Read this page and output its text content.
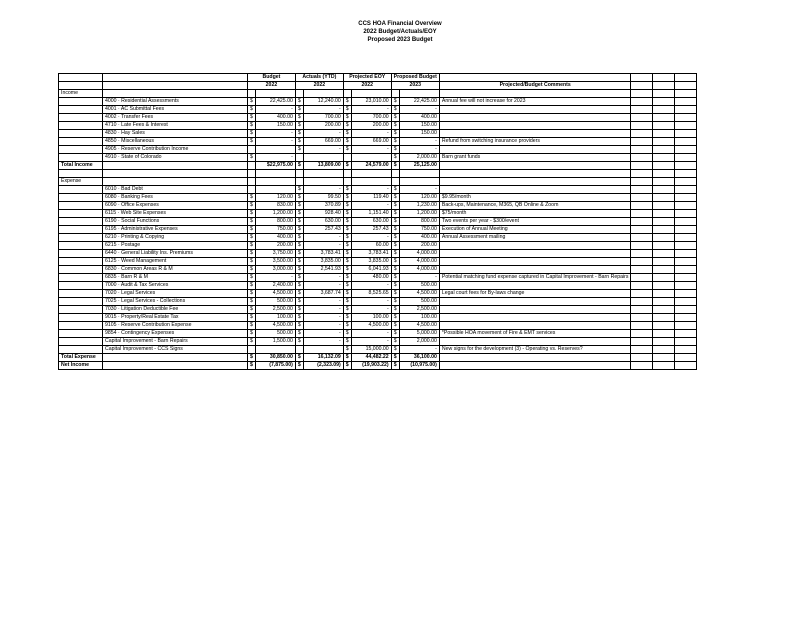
CCS HOA Financial Overview
2022 Budget/Actuals/EOY
Proposed 2023 Budget
		Budget		Actuals (YTD)		Projected EOY		Proposed Budget					
		2022		2022		2022		2023		Projected/Budget Comments			
Income													
	4000 · Residential Assessments	$	22,425.00	$	12,240.00	$	23,010.00	$	22,425.00	Annual fee will not increase for 2023			
	4001 · AC Submittal Fees	$	-	$	-	$	-	$	-				
	4002 · Transfer Fees	$	400.00	$	700.00	$	700.00	$	400.00				
	4710 · Late Fees & Interest	$	150.00	$	200.00	$	200.00	$	150.00				
	4830 · Hay Sales	$	-	$	-	$	-	$	150.00				
	4850 · Miscellaneous	$	-	$	669.00	$	669.00	$	-	Refund from switching insurance providers			
	4905 · Reserve Contribution Income			$	-	$	-	$	-				
	4910 · State of Colorado	$	-					$	2,000.00	Barn grant funds			
Total Income			$22,975.00	$	13,809.00	$	24,579.00	$	25,125.00				

Expense													
	6010 · Bad Debt			$	-	$	-	$	-				
	6080 · Banking Fees	$	120.00	$	99.50	$	119.40	$	120.00	$9.95/month			
	6090 · Office Expenses	$	830.00	$	370.89	$	-	$	1,230.00	Back-ups, Maintenance, M365, QB Online & Zoom			
	6115 · Web Site Expenses	$	1,200.00	$	928.40	$	1,151.40	$	1,200.00	$75/month			
	6190 · Social Functions	$	800.00	$	630.00	$	630.00	$	800.00	Two events per year - $300/event			
	6195 · Administrative Expenses	$	750.00	$	257.43	$	257.43	$	750.00	Execution of Annual Meeting			
	6210 · Printing & Copying	$	400.00	$	-	$	-	$	400.00	Annual Assessment mailing			
	6215 · Postage	$	200.00	$	-	$	60.00	$	200.00				
	6440 · General Liability Ins. Premiums	$	3,750.00	$	3,783.41	$	3,783.41	$	4,000.00				
	6125 · Weed Management	$	3,500.00	$	3,835.00	$	3,835.00	$	4,000.00				
	6830 · Common Areas R & M	$	3,000.00	$	2,541.93	$	6,041.93	$	4,000.00				
	6835 · Barn R & M	$	-	$	-	$	480.00	$	-	Potential matching fund expense captured in Capital Improvement - Barn Repairs			
	7000 · Audit & Tax Services	$	2,400.00	$	-	$	-	$	500.00				
	7020 · Legal Services	$	4,500.00	$	3,687.74	$	8,525.65	$	4,500.00	Legal court fees for By-laws change			
	7025 · Legal Services - Collections	$	500.00	$	-	$	-	$	500.00				
	7030 · Litigation Deductible Fee	$	2,500.00	$	-	$	-	$	2,500.00				
	9015 · Property/Real Estate Tax	$	100.00	$	-	$	100.00	$	100.00				
	9105 · Reserve Contribution Expense	$	4,500.00	$	-	$	4,500.00	$	4,500.00				
	9854 · Contingency Expenses	$	500.00	$	-	$	-	$	5,000.00	*Possible HOA movement of Fire & EMT services			
	Capital Improvement - Barn Repairs	$	1,500.00	$	-	$	-	$	2,000.00				
	Capital Improvement - CCS Signs					$	15,000.00	$	-	New signs for the development (3) - Operating vs. Reserves?			
Total Expense		$	30,850.00	$	16,132.09	$	44,482.22	$	36,100.00				
Net Income		$	(7,875.00)	$	(2,323.09)	$	(19,903.22)	$	(10,975.00)				
